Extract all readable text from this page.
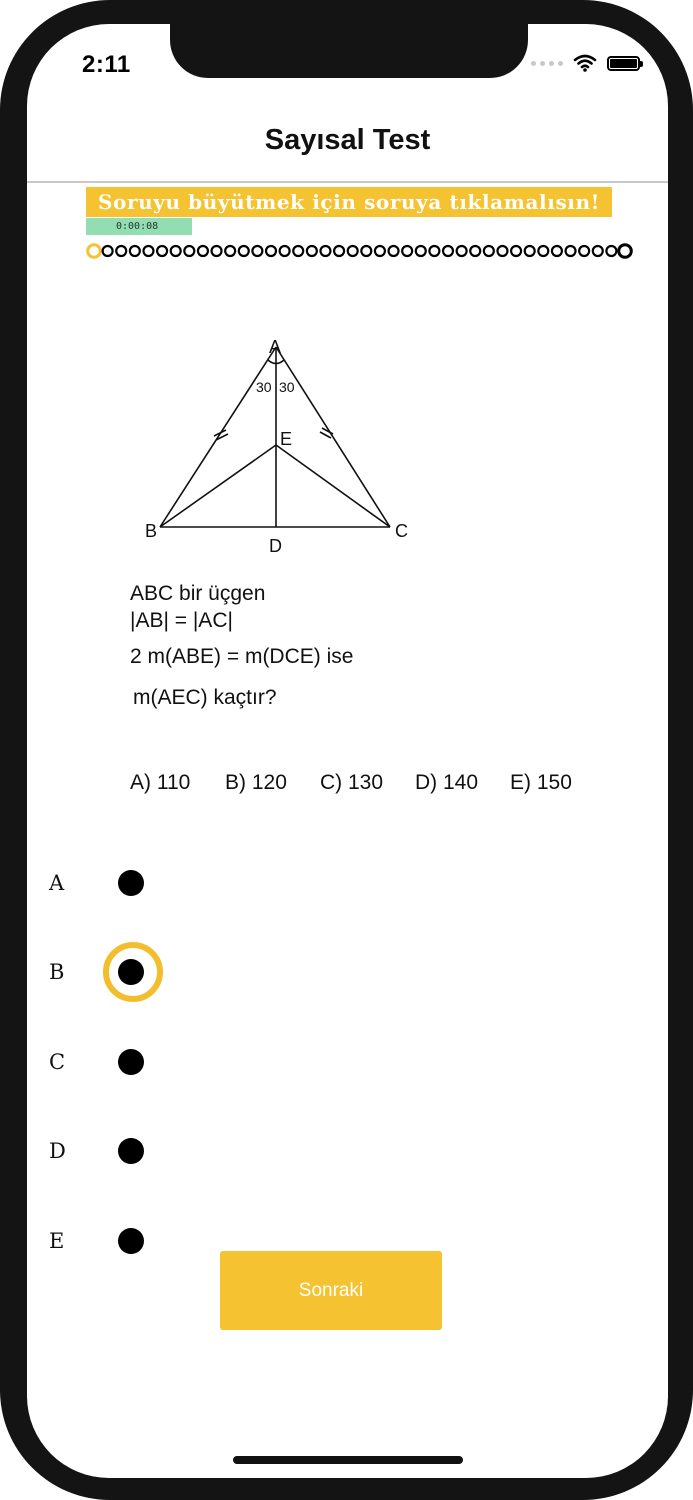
2:11
Sayısal Test
Soruyu büyütmek için soruya tıklamalısın!
0:00:08
A
B	C
D
E
30 30
ABC bir üçgen
|AB| = |AC|
2 m(ABE) = m(DCE) ise
m(AEC) kaçtır?
A) 110	B) 120	C) 130	D) 140	E) 150
A
B
C
D
E
Sonraki
